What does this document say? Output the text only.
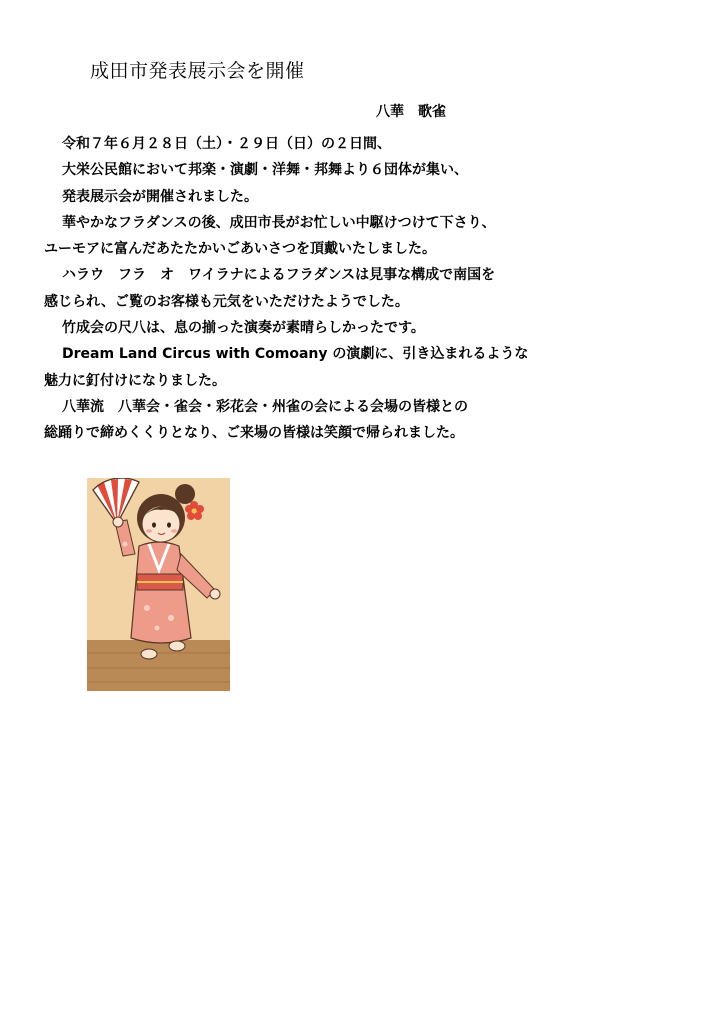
成田市発表展示会を開催
八華　歌雀
令和７年６月２８日（土）・２９日（日）の２日間、
大栄公民館において邦楽・演劇・洋舞・邦舞より６団体が集い、
発表展示会が開催されました。
華やかなフラダンスの後、成田市長がお忙しい中駆けつけて下さり、
ユーモアに富んだあたたかいごあいさつを頂戴いたしました。
ハラウ　フラ　オ　ワイラナによるフラダンスは見事な構成で南国を
感じられ、ご覧のお客様も元気をいただけたようでした。
竹成会の尺八は、息の揃った演奏が素晴らしかったです。
Dream Land Circus with Comoany の演劇に、引き込まれるような
魅力に釘付けになりました。
八華流　八華会・雀会・彩花会・州雀の会による会場の皆様との
総踊りで締めくくりとなり、ご来場の皆様は笑顔で帰られました。
